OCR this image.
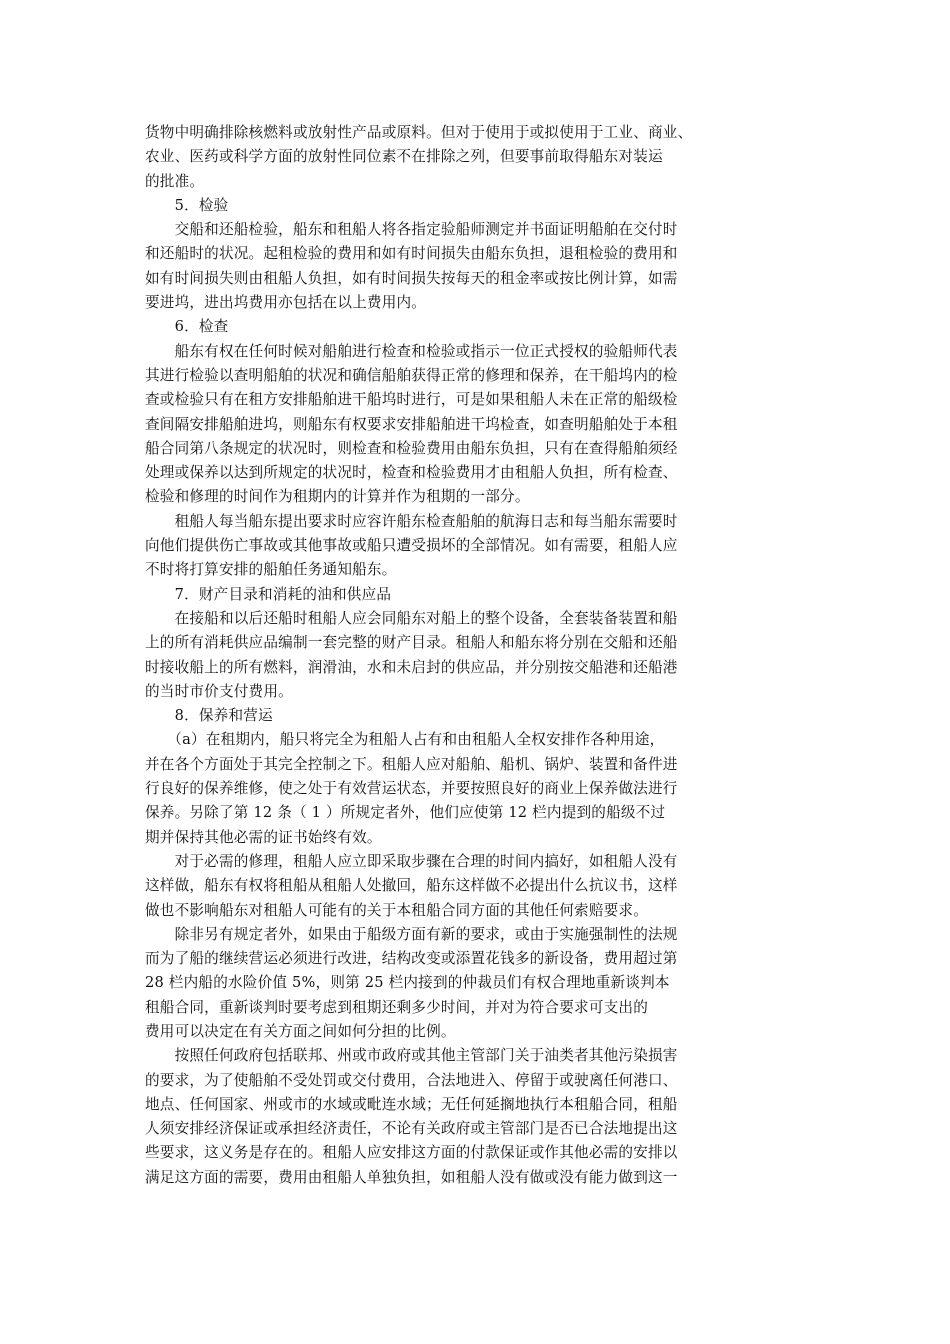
货物中明确排除核燃料或放射性产品或原料。但对于使用于或拟使用于工业、商业、
农业、医药或科学方面的放射性同位素不在排除之列，但要事前取得船东对装运
的批准。
　　5．检验
　　交船和还船检验，船东和租船人将各指定验船师测定并书面证明船舶在交付时
和还船时的状况。起租检验的费用和如有时间损失由船东负担，退租检验的费用和
如有时间损失则由租船人负担，如有时间损失按每天的租金率或按比例计算，如需
要进坞，进出坞费用亦包括在以上费用内。
　　6．检查
　　船东有权在任何时候对船舶进行检查和检验或指示一位正式授权的验船师代表
其进行检验以查明船舶的状况和确信船舶获得正常的修理和保养，在干船坞内的检
查或检验只有在租方安排船舶进干船坞时进行，可是如果租船人未在正常的船级检
查间隔安排船舶进坞，则船东有权要求安排船舶进干坞检查，如查明船舶处于本租
船合同第八条规定的状况时，则检查和检验费用由船东负担，只有在查得船舶须经
处理或保养以达到所规定的状况时，检查和检验费用才由租船人负担，所有检查、
检验和修理的时间作为租期内的计算并作为租期的一部分。
　　租船人每当船东提出要求时应容许船东检查船舶的航海日志和每当船东需要时
向他们提供伤亡事故或其他事故或船只遭受损坏的全部情况。如有需要，租船人应
不时将打算安排的船舶任务通知船东。
　　7．财产目录和消耗的油和供应品
　　在接船和以后还船时租船人应会同船东对船上的整个设备，全套装备装置和船
上的所有消耗供应品编制一套完整的财产目录。租船人和船东将分别在交船和还船
时接收船上的所有燃料，润滑油，水和未启封的供应品，并分别按交船港和还船港
的当时市价支付费用。
　　8．保养和营运
　　（a）在租期内，船只将完全为租船人占有和由租船人全权安排作各种用途，
并在各个方面处于其完全控制之下。租船人应对船舶、船机、锅炉、装置和备件进
行良好的保养维修，使之处于有效营运状态，并要按照良好的商业上保养做法进行
保养。另除了第 12 条（ 1 ）所规定者外，他们应使第 12 栏内提到的船级不过
期并保持其他必需的证书始终有效。
　　对于必需的修理，租船人应立即采取步骤在合理的时间内搞好，如租船人没有
这样做，船东有权将租船从租船人处撤回，船东这样做不必提出什么抗议书，这样
做也不影响船东对租船人可能有的关于本租船合同方面的其他任何索赔要求。
　　除非另有规定者外，如果由于船级方面有新的要求，或由于实施强制性的法规
而为了船的继续营运必须进行改进，结构改变或添置花钱多的新设备，费用超过第
28 栏内船的水险价值 5%，则第 25 栏内接到的仲裁员们有权合理地重新谈判本
租船合同，重新谈判时要考虑到租期还剩多少时间，并对为符合要求可支出的
费用可以决定在有关方面之间如何分担的比例。
　　按照任何政府包括联邦、州或市政府或其他主管部门关于油类者其他污染损害
的要求，为了使船舶不受处罚或交付费用，合法地进入、停留于或驶离任何港口、
地点、任何国家、州或市的水域或毗连水域；无任何延搁地执行本租船合同，租船
人须安排经济保证或承担经济责任，不论有关政府或主管部门是否已合法地提出这
些要求，这义务是存在的。租船人应安排这方面的付款保证或作其他必需的安排以
满足这方面的需要，费用由租船人单独负担，如租船人没有做或没有能力做到这一
